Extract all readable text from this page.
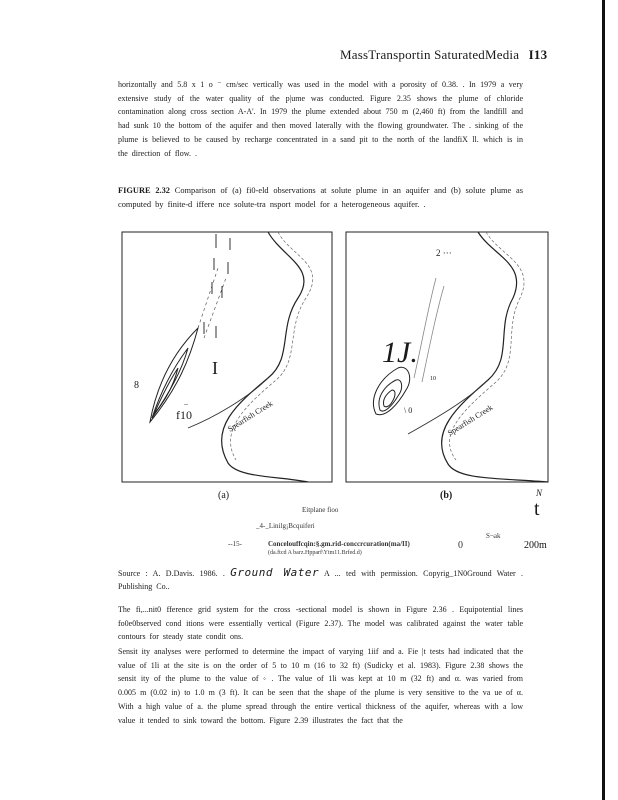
MassTransportin SaturatedMedia I13
horizontally and 5.8 x 1 o ⁻ cm/sec vertically was used in the model with a porosity of 0.38. . In 1979 a very extensive study of the water quality of the p|ume was conducted. Figure 2.35 shows the plume of chloride contamination along cross section A-A'. In 1979 the plume extended about 750 m (2,460 ft) from the landfill and had sunk 10 the bottom of the aquifer and then moved laterally with the flowing groundwater. The . sinking of the plume is believed to be caused by recharge concentrated in a sand pit to the north of the landfiX ll. which is in the direction of flow. .
FIGURE 2.32 Comparison of (a) fi0-eld observations at solute plume in an aquifer and (b) solute plume as computed by finite-d iffere nce solute-tra nsport model for a heterogeneous aquifer. .
(a)	(b)	N
t
8
f10
..
I	1J.
2 ···
\ 0
10
Spearfish Creek	Spearfish Creek
Eitplane fioo
_4-_Linilg¡Bcquiferi
--15-	Concelouffcqin:§.gm.rid-conccrcuration(ma/II)
(da.ftcd A barz.Hpparf\Ytm11.Brfed.d)
0
S¬ak
200m
Source : A. D.Davis. 1986. . Ground Water A ... ted with permission. Copyrig_1N0Ground Water . Publishing Co..
The fi,...nit0 fference grid system for the cross -sectional model is shown in Figure 2.36 . Equipotential lines fo0e0bserved cond itions were essentially vertical (Figure 2.37). The model was calibrated against the water table contours for steady state condit ons.
Sensit ity analyses were performed to determine the impact of varying 1iif and a. Fie |t tests had indicated that the value of 1li at the site is on the order of 5 to 10 m (16 to 32 ft) (Sudicky et al. 1983). Figure 2.38 shows the sensit ity of the plume to the value of ◦ . The value of 1li was kept at 10 m (32 ft) and α. was varied from 0.005 m (0.02 in) to 1.0 m (3 ft). It can be seen that the shape of the plume is very sensitive to the va ue of α. With a high value of a. the plume spread through the entire vertical thickness of the aquifer, whereas with a low value it tended to sink toward the bottom. Figure 2.39 illustrates the fact that the
